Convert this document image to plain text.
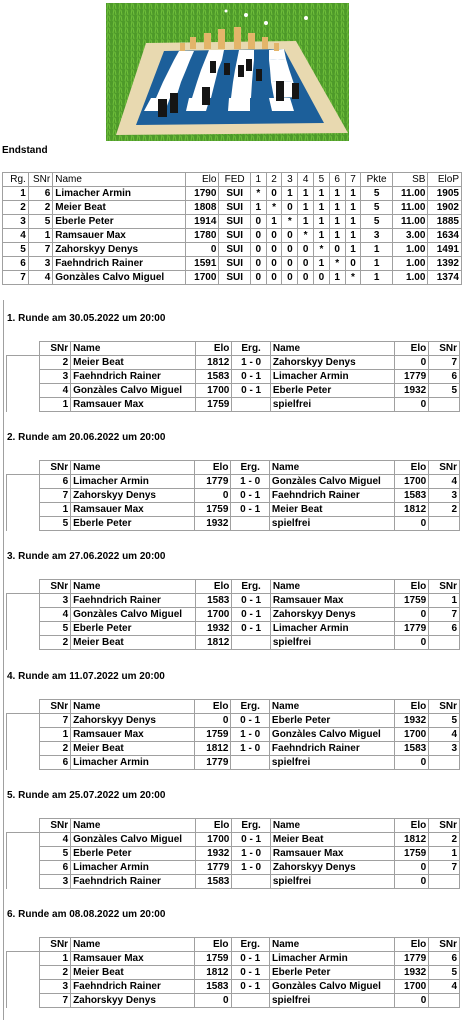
Endstand
Rg.	SNr	Name	Elo	FED	1	2	3	4	5	6	7	Pkte	SB	EloP
1	6	Limacher Armin	1790	SUI	*	0	1	1	1	1	1	5	11.00	1905
2	2	Meier Beat	1808	SUI	1	*	0	1	1	1	1	5	11.00	1902
3	5	Eberle Peter	1914	SUI	0	1	*	1	1	1	1	5	11.00	1885
4	1	Ramsauer Max	1780	SUI	0	0	0	*	1	1	1	3	3.00	1634
5	7	Zahorskyy Denys	0	SUI	0	0	0	0	*	0	1	1	1.00	1491
6	3	Faehndrich Rainer	1591	SUI	0	0	0	0	1	*	0	1	1.00	1392
7	4	Gonzàles Calvo Miguel	1700	SUI	0	0	0	0	0	1	*	1	1.00	1374
1. Runde am 30.05.2022 um 20:00
	SNr	Name	Elo	Erg.	Name	Elo	SNr
	2	Meier Beat	1812	1 - 0	Zahorskyy Denys	0	7
	3	Faehndrich Rainer	1583	0 - 1	Limacher Armin	1779	6
	4	Gonzàles Calvo Miguel	1700	0 - 1	Eberle Peter	1932	5
	1	Ramsauer Max	1759		spielfrei	0	
2. Runde am 20.06.2022 um 20:00
	SNr	Name	Elo	Erg.	Name	Elo	SNr
	6	Limacher Armin	1779	1 - 0	Gonzàles Calvo Miguel	1700	4
	7	Zahorskyy Denys	0	0 - 1	Faehndrich Rainer	1583	3
	1	Ramsauer Max	1759	0 - 1	Meier Beat	1812	2
	5	Eberle Peter	1932		spielfrei	0	
3. Runde am 27.06.2022 um 20:00
	SNr	Name	Elo	Erg.	Name	Elo	SNr
	3	Faehndrich Rainer	1583	0 - 1	Ramsauer Max	1759	1
	4	Gonzàles Calvo Miguel	1700	0 - 1	Zahorskyy Denys	0	7
	5	Eberle Peter	1932	0 - 1	Limacher Armin	1779	6
	2	Meier Beat	1812		spielfrei	0	
4. Runde am 11.07.2022 um 20:00
	SNr	Name	Elo	Erg.	Name	Elo	SNr
	7	Zahorskyy Denys	0	0 - 1	Eberle Peter	1932	5
	1	Ramsauer Max	1759	1 - 0	Gonzàles Calvo Miguel	1700	4
	2	Meier Beat	1812	1 - 0	Faehndrich Rainer	1583	3
	6	Limacher Armin	1779		spielfrei	0	
5. Runde am 25.07.2022 um 20:00
	SNr	Name	Elo	Erg.	Name	Elo	SNr
	4	Gonzàles Calvo Miguel	1700	0 - 1	Meier Beat	1812	2
	5	Eberle Peter	1932	1 - 0	Ramsauer Max	1759	1
	6	Limacher Armin	1779	1 - 0	Zahorskyy Denys	0	7
	3	Faehndrich Rainer	1583		spielfrei	0	
6. Runde am 08.08.2022 um 20:00
	SNr	Name	Elo	Erg.	Name	Elo	SNr
	1	Ramsauer Max	1759	0 - 1	Limacher Armin	1779	6
	2	Meier Beat	1812	0 - 1	Eberle Peter	1932	5
	3	Faehndrich Rainer	1583	0 - 1	Gonzàles Calvo Miguel	1700	4
	7	Zahorskyy Denys	0		spielfrei	0	
